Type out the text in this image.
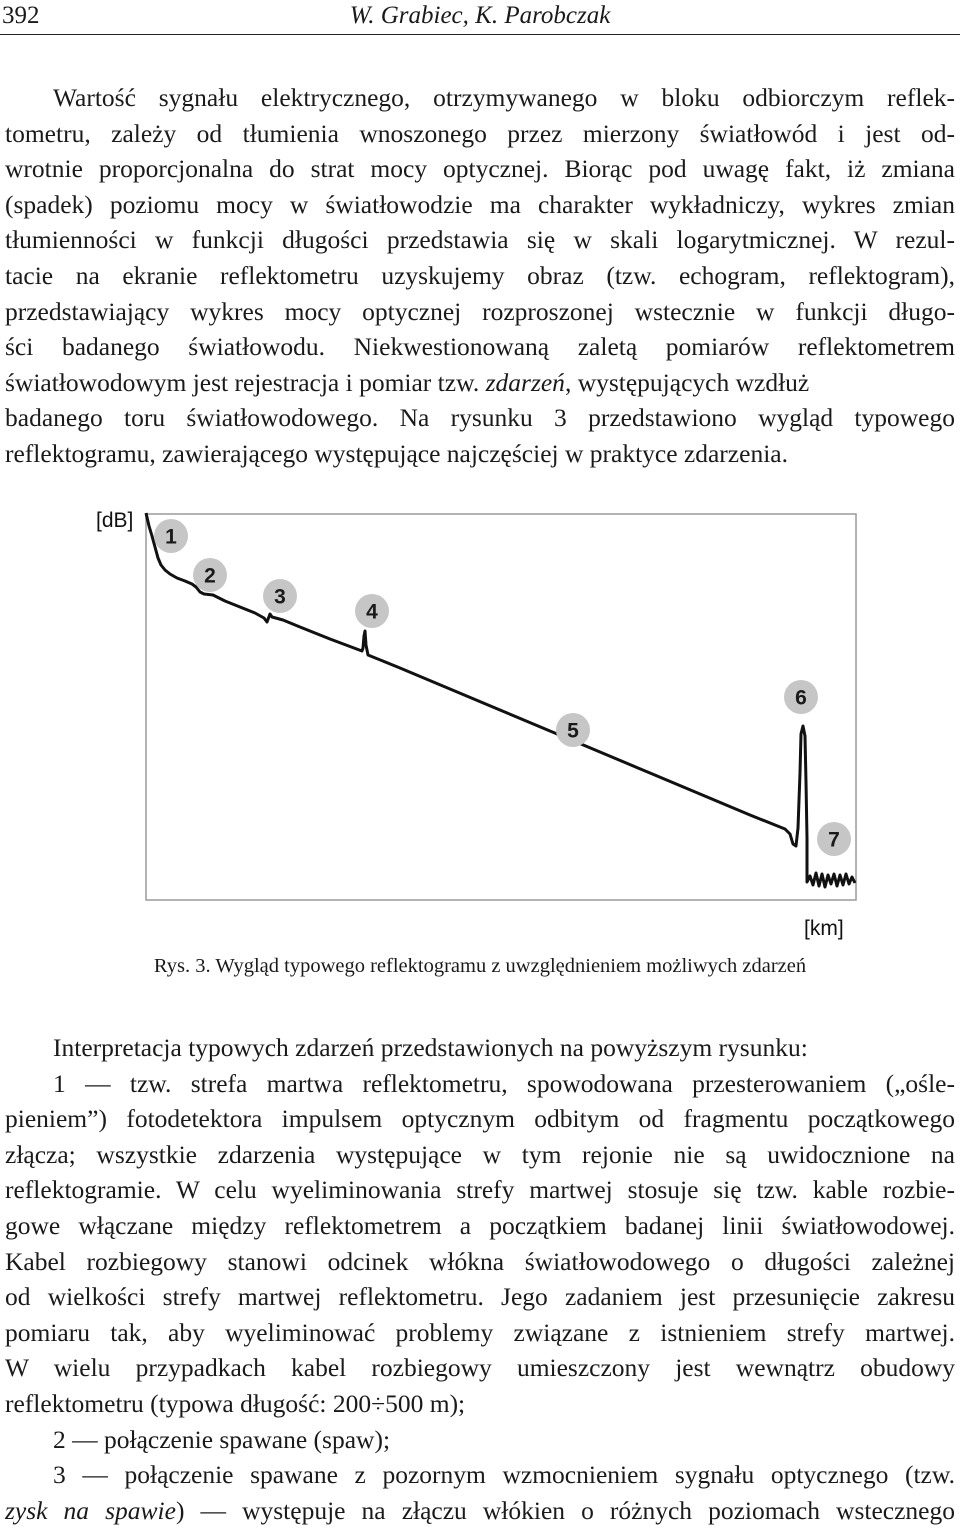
392	W. Grabiec, K. Parobczak
Wartość sygnału elektrycznego, otrzymywanego w bloku odbiorczym reflek-
tometru, zależy od tłumienia wnoszonego przez mierzony światłowód i jest od-
wrotnie proporcjonalna do strat mocy optycznej. Biorąc pod uwagę fakt, iż zmiana
(spadek) poziomu mocy w światłowodzie ma charakter wykładniczy, wykres zmian
tłumienności w funkcji długości przedstawia się w skali logarytmicznej. W rezul-
tacie na ekranie reflektometru uzyskujemy obraz (tzw. echogram, reflektogram),
przedstawiający wykres mocy optycznej rozproszonej wstecznie w funkcji długo-
ści badanego światłowodu. Niekwestionowaną zaletą pomiarów reflektometrem
światłowodowym jest rejestracja i pomiar tzw. zdarzeń, występujących wzdłuż
badanego toru światłowodowego. Na rysunku 3 przedstawiono wygląd typowego
reflektogramu, zawierającego występujące najczęściej w praktyce zdarzenia.
[dB]
1
2
3
4
5
6
7
[km]
Rys. 3. Wygląd typowego reflektogramu z uwzględnieniem możliwych zdarzeń
Interpretacja typowych zdarzeń przedstawionych na powyższym rysunku:
1 — tzw. strefa martwa reflektometru, spowodowana przesterowaniem („ośle-
pieniem”) fotodetektora impulsem optycznym odbitym od fragmentu początkowego
złącza; wszystkie zdarzenia występujące w tym rejonie nie są uwidocznione na
reflektogramie. W celu wyeliminowania strefy martwej stosuje się tzw. kable rozbie-
gowe włączane między reflektometrem a początkiem badanej linii światłowodowej.
Kabel rozbiegowy stanowi odcinek włókna światłowodowego o długości zależnej
od wielkości strefy martwej reflektometru. Jego zadaniem jest przesunięcie zakresu
pomiaru tak, aby wyeliminować problemy związane z istnieniem strefy martwej.
W wielu przypadkach kabel rozbiegowy umieszczony jest wewnątrz obudowy
reflektometru (typowa długość: 200÷500 m);
2 — połączenie spawane (spaw);
3 — połączenie spawane z pozornym wzmocnieniem sygnału optycznego (tzw.
zysk na spawie) — występuje na złączu włókien o różnych poziomach wstecznego
